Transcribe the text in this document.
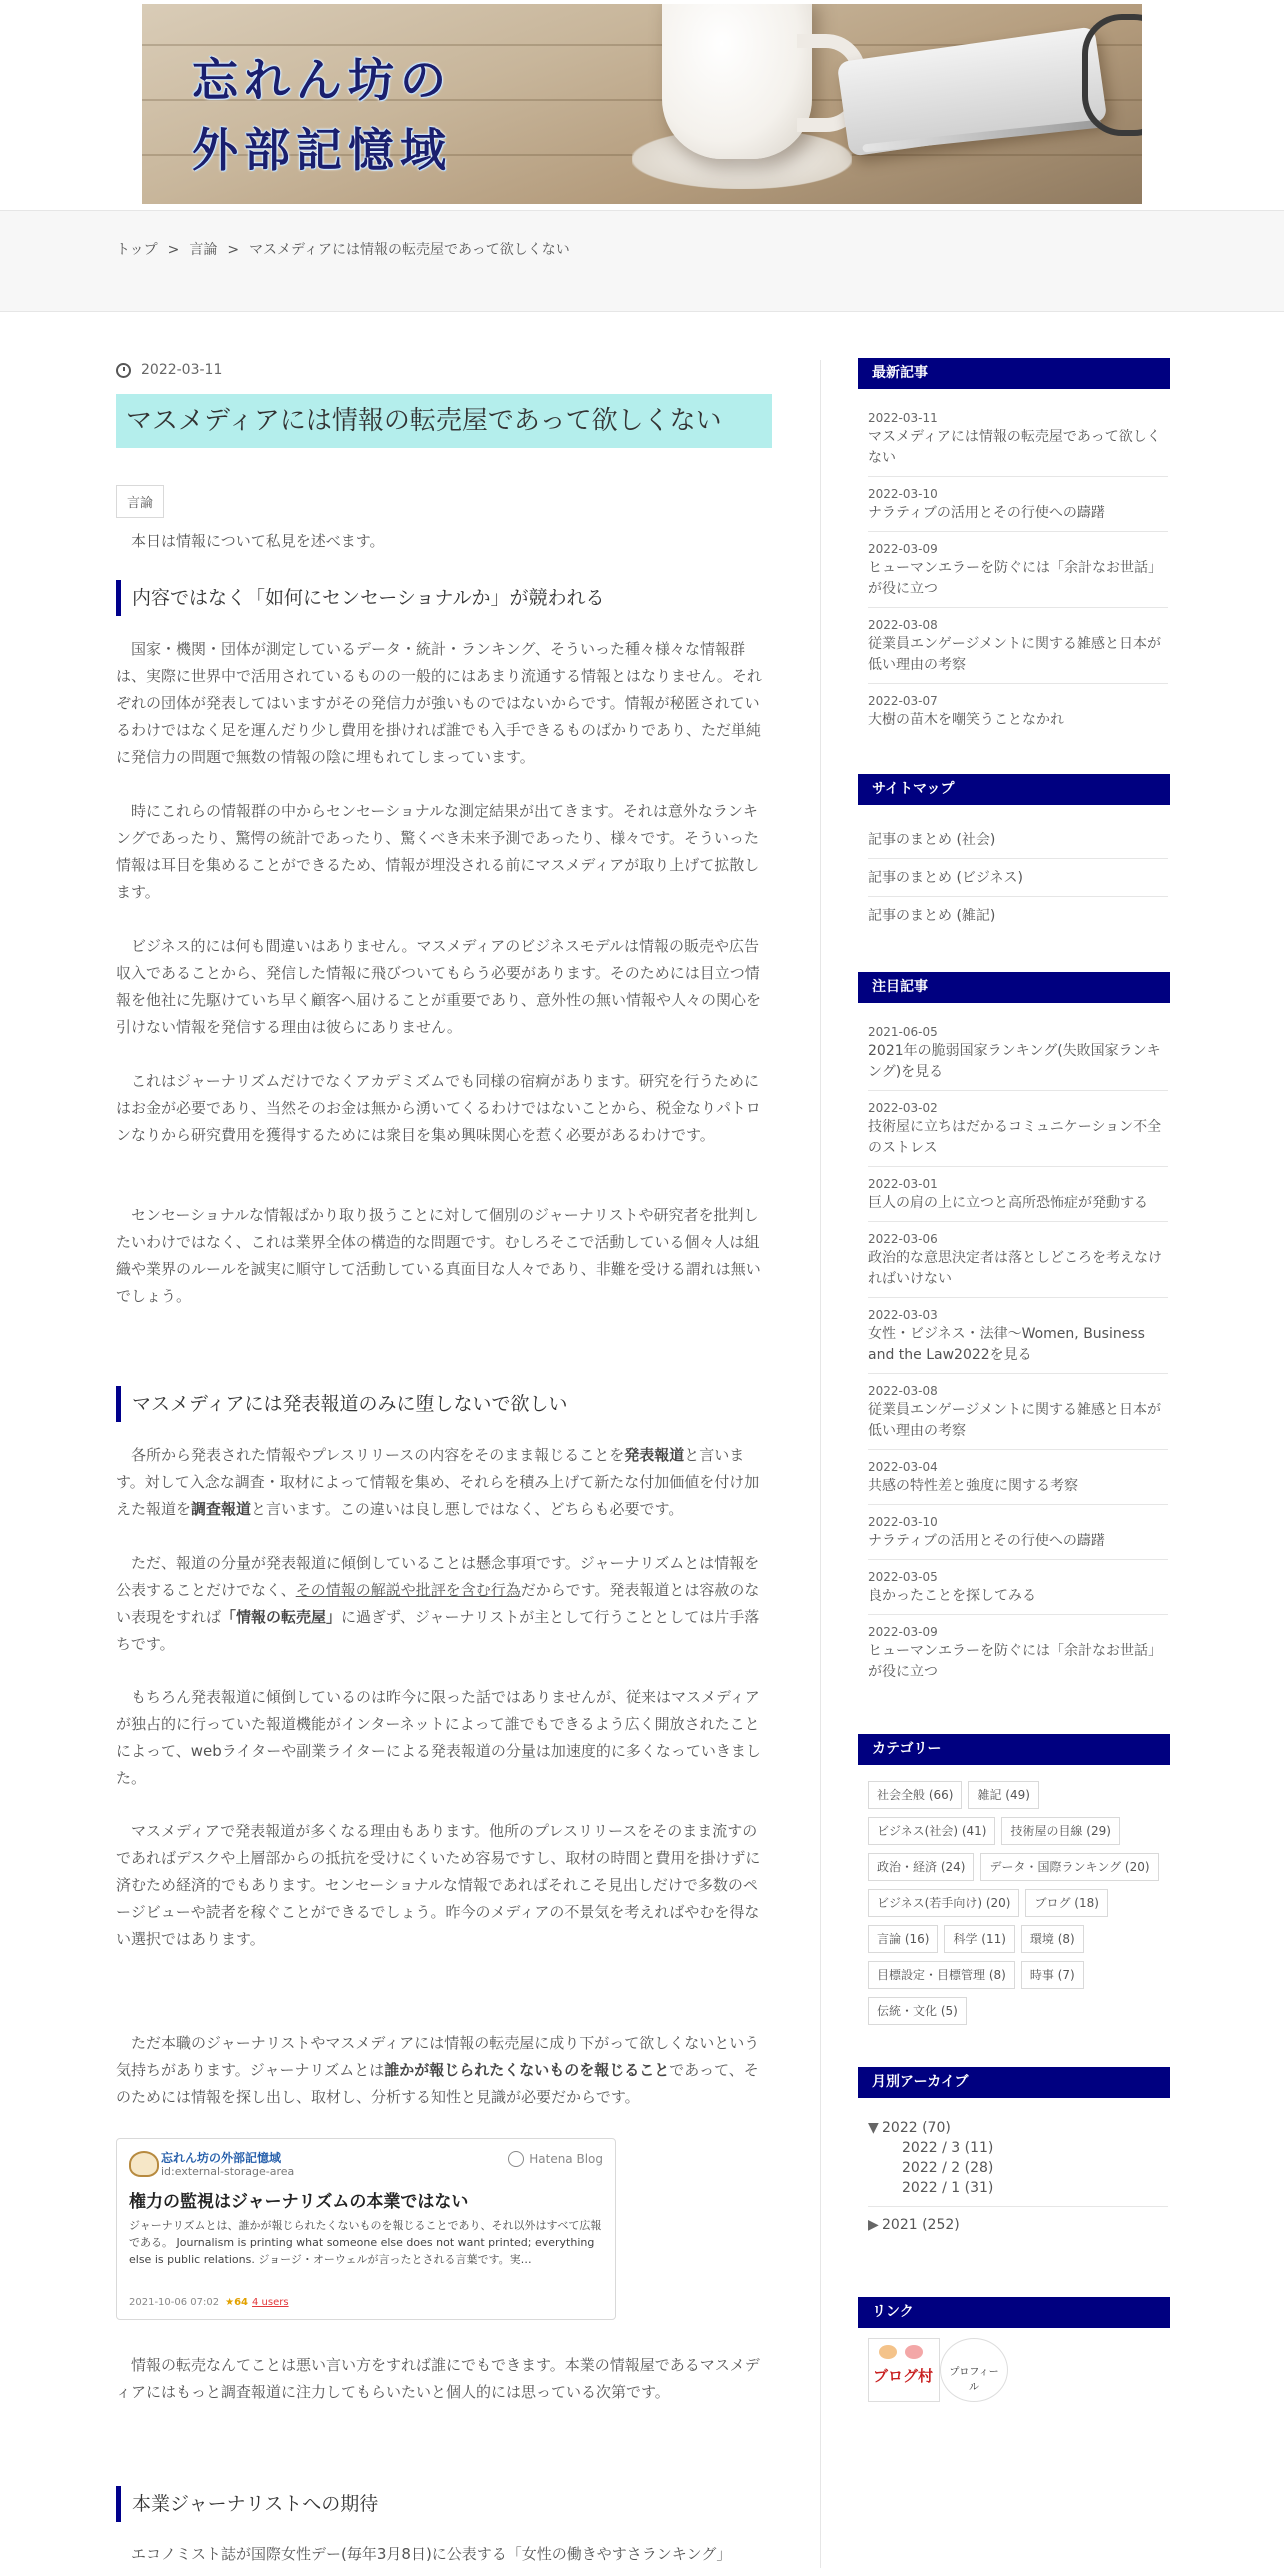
忘れん坊の
外部記憶域
トップ > 言論 > マスメディアには情報の転売屋であって欲しくない
2022-03-11
マスメディアには情報の転売屋であって欲しくない
言論

本日は情報について私見を述べます。

内容ではなく「如何にセンセーショナルか」が競われる

国家・機関・団体が測定しているデータ・統計・ランキング、そういった種々様々な情報群は、実際に世界中で活用されているものの一般的にはあまり流通する情報とはなりません。それぞれの団体が発表してはいますがその発信力が強いものではないからです。情報が秘匿されているわけではなく足を運んだり少し費用を掛ければ誰でも入手できるものばかりであり、ただ単純に発信力の問題で無数の情報の陰に埋もれてしまっています。

時にこれらの情報群の中からセンセーショナルな測定結果が出てきます。それは意外なランキングであったり、驚愕の統計であったり、驚くべき未来予測であったり、様々です。そういった情報は耳目を集めることができるため、情報が埋没される前にマスメディアが取り上げて拡散します。

ビジネス的には何も間違いはありません。マスメディアのビジネスモデルは情報の販売や広告収入であることから、発信した情報に飛びついてもらう必要があります。そのためには目立つ情報を他社に先駆けていち早く顧客へ届けることが重要であり、意外性の無い情報や人々の関心を引けない情報を発信する理由は彼らにありません。

これはジャーナリズムだけでなくアカデミズムでも同様の宿痾があります。研究を行うためにはお金が必要であり、当然そのお金は無から湧いてくるわけではないことから、税金なりパトロンなりから研究費用を獲得するためには衆目を集め興味関心を惹く必要があるわけです。

センセーショナルな情報ばかり取り扱うことに対して個別のジャーナリストや研究者を批判したいわけではなく、これは業界全体の構造的な問題です。むしろそこで活動している個々人は組織や業界のルールを誠実に順守して活動している真面目な人々であり、非難を受ける謂れは無いでしょう。

マスメディアには発表報道のみに堕しないで欲しい

各所から発表された情報やプレスリリースの内容をそのまま報じることを発表報道と言います。対して入念な調査・取材によって情報を集め、それらを積み上げて新たな付加価値を付け加えた報道を調査報道と言います。この違いは良し悪しではなく、どちらも必要です。

ただ、報道の分量が発表報道に傾倒していることは懸念事項です。ジャーナリズムとは情報を公表することだけでなく、その情報の解説や批評を含む行為だからです。発表報道とは容赦のない表現をすれば「情報の転売屋」に過ぎず、ジャーナリストが主として行うこととしては片手落ちです。

もちろん発表報道に傾倒しているのは昨今に限った話ではありませんが、従来はマスメディアが独占的に行っていた報道機能がインターネットによって誰でもできるよう広く開放されたことによって、webライターや副業ライターによる発表報道の分量は加速度的に多くなっていきました。

マスメディアで発表報道が多くなる理由もあります。他所のプレスリリースをそのまま流すのであればデスクや上層部からの抵抗を受けにくいため容易ですし、取材の時間と費用を掛けずに済むため経済的でもあります。センセーショナルな情報であればそれこそ見出しだけで多数のページビューや読者を稼ぐことができるでしょう。昨今のメディアの不景気を考えればやむを得ない選択ではあります。

ただ本職のジャーナリストやマスメディアには情報の転売屋に成り下がって欲しくないという気持ちがあります。ジャーナリズムとは誰かが報じられたくないものを報じることであって、そのためには情報を探し出し、取材し、分析する知性と見識が必要だからです。

忘れん坊の外部記憶域
id:external-storage-area
Hatena Blog
権力の監視はジャーナリズムの本業ではない
ジャーナリズムとは、誰かが報じられたくないものを報じることであり、それ以外はすべて広報である。 Journalism is printing what someone else does not want printed; everything else is public relations. ジョージ・オーウェルが言ったとされる言葉です。実…
2021-10-06 07:02 ★64 4 users

情報の転売なんてことは悪い言い方をすれば誰にでもできます。本業の情報屋であるマスメディアにはもっと調査報道に注力してもらいたいと個人的には思っている次第です。

本業ジャーナリストへの期待

エコノミスト誌が国際女性デー(毎年3月8日)に公表する「女性の働きやすさランキング」

最新記事
2022-03-11
マスメディアには情報の転売屋であって欲しくない
2022-03-10
ナラティブの活用とその行使への躊躇
2022-03-09
ヒューマンエラーを防ぐには「余計なお世話」が役に立つ
2022-03-08
従業員エンゲージメントに関する雑感と日本が低い理由の考察
2022-03-07
大樹の苗木を嘲笑うことなかれ
サイトマップ
記事のまとめ (社会)
記事のまとめ (ビジネス)
記事のまとめ (雑記)
注目記事
2021-06-05
2021年の脆弱国家ランキング(失敗国家ランキング)を見る
2022-03-02
技術屋に立ちはだかるコミュニケーション不全のストレス
2022-03-01
巨人の肩の上に立つと高所恐怖症が発動する
2022-03-06
政治的な意思決定者は落としどころを考えなければいけない
2022-03-03
女性・ビジネス・法律～Women, Business and the Law2022を見る
2022-03-08
従業員エンゲージメントに関する雑感と日本が低い理由の考察
2022-03-04
共感の特性差と強度に関する考察
2022-03-10
ナラティブの活用とその行使への躊躇
2022-03-05
良かったことを探してみる
2022-03-09
ヒューマンエラーを防ぐには「余計なお世話」が役に立つ
カテゴリー
社会全般 (66)	雑記 (49)
ビジネス(社会) (41)	技術屋の目線 (29)
政治・経済 (24)	データ・国際ランキング (20)
ビジネス(若手向け) (20)	ブログ (18)
言論 (16)	科学 (11)	環境 (8)
目標設定・目標管理 (8)	時事 (7)
伝統・文化 (5)
月別アーカイブ
▼ 2022 (70)
2022 / 3 (11)
2022 / 2 (28)
2022 / 1 (31)
▶ 2021 (252)
リンク
ブログ村	プロフィール
